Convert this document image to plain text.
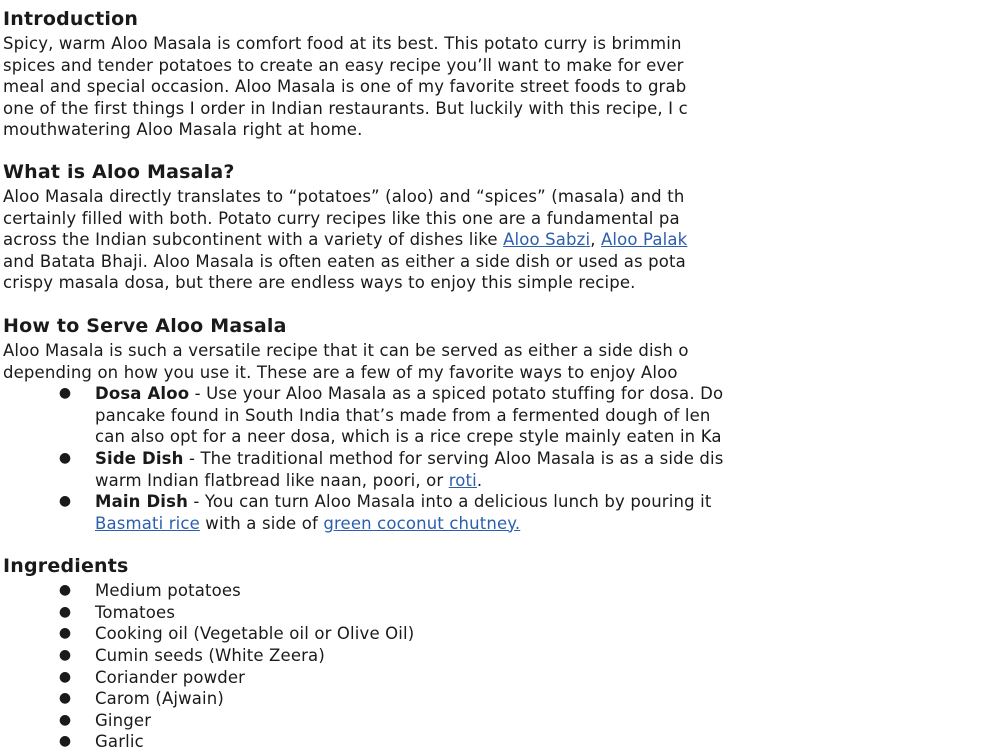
Introduction
Spicy, warm Aloo Masala is comfort food at its best. This potato curry is brimmin
spices and tender potatoes to create an easy recipe you’ll want to make for ever
meal and special occasion. Aloo Masala is one of my favorite street foods to grab
one of the first things I order in Indian restaurants. But luckily with this recipe, I c
mouthwatering Aloo Masala right at home.
What is Aloo Masala?
Aloo Masala directly translates to “potatoes” (aloo) and “spices” (masala) and th
certainly filled with both. Potato curry recipes like this one are a fundamental pa
across the Indian subcontinent with a variety of dishes like Aloo Sabzi, Aloo Palak
and Batata Bhaji. Aloo Masala is often eaten as either a side dish or used as pota
crispy masala dosa, but there are endless ways to enjoy this simple recipe.
How to Serve Aloo Masala
Aloo Masala is such a versatile recipe that it can be served as either a side dish o
depending on how you use it. These are a few of my favorite ways to enjoy Aloo
● Dosa Aloo - Use your Aloo Masala as a spiced potato stuffing for dosa. Do
pancake found in South India that’s made from a fermented dough of len
can also opt for a neer dosa, which is a rice crepe style mainly eaten in Ka
● Side Dish - The traditional method for serving Aloo Masala is as a side dis
warm Indian flatbread like naan, poori, or roti.
● Main Dish - You can turn Aloo Masala into a delicious lunch by pouring it
Basmati rice with a side of green coconut chutney.
Ingredients
● Medium potatoes
● Tomatoes
● Cooking oil (Vegetable oil or Olive Oil)
● Cumin seeds (White Zeera)
● Coriander powder
● Carom (Ajwain)
● Ginger
● Garlic
